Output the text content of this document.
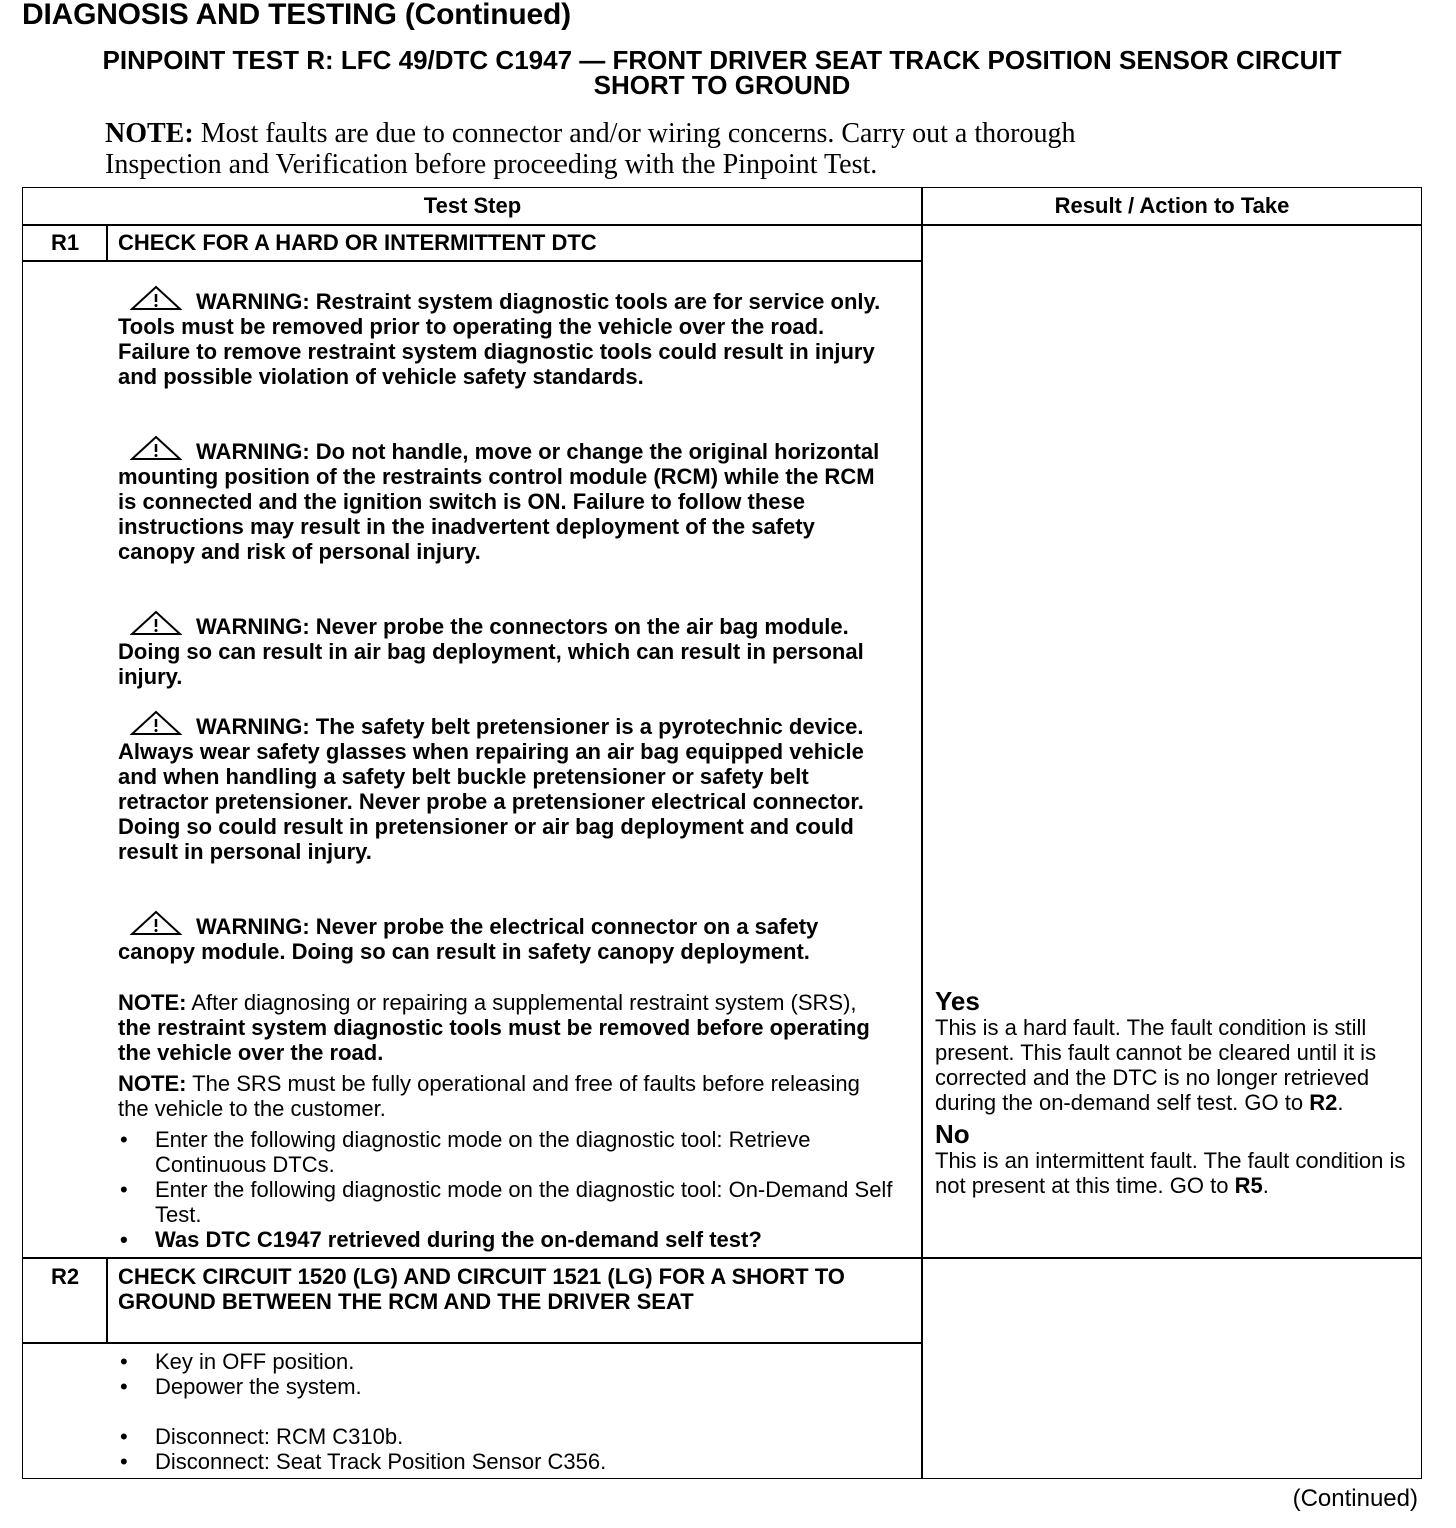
DIAGNOSIS AND TESTING (Continued)
PINPOINT TEST R: LFC 49/DTC C1947 — FRONT DRIVER SEAT TRACK POSITION SENSOR CIRCUIT
SHORT TO GROUND
NOTE: Most faults are due to connector and/or wiring concerns. Carry out a thorough
Inspection and Verification before proceeding with the Pinpoint Test.
Test Step	Result / Action to Take
R1	CHECK FOR A HARD OR INTERMITTENT DTC
WARNING: Restraint system diagnostic tools are for service only. Tools must be removed prior to operating the vehicle over the road. Failure to remove restraint system diagnostic tools could result in injury and possible violation of vehicle safety standards.
WARNING: Do not handle, move or change the original horizontal mounting position of the restraints control module (RCM) while the RCM is connected and the ignition switch is ON. Failure to follow these instructions may result in the inadvertent deployment of the safety canopy and risk of personal injury.
WARNING: Never probe the connectors on the air bag module. Doing so can result in air bag deployment, which can result in personal injury.
WARNING: The safety belt pretensioner is a pyrotechnic device. Always wear safety glasses when repairing an air bag equipped vehicle and when handling a safety belt buckle pretensioner or safety belt retractor pretensioner. Never probe a pretensioner electrical connector. Doing so could result in pretensioner or air bag deployment and could result in personal injury.
WARNING: Never probe the electrical connector on a safety canopy module. Doing so can result in safety canopy deployment.
NOTE: After diagnosing or repairing a supplemental restraint system (SRS), the restraint system diagnostic tools must be removed before operating the vehicle over the road.
NOTE: The SRS must be fully operational and free of faults before releasing the vehicle to the customer.
• Enter the following diagnostic mode on the diagnostic tool: Retrieve Continuous DTCs.
• Enter the following diagnostic mode on the diagnostic tool: On-Demand Self Test.
• Was DTC C1947 retrieved during the on-demand self test?
Yes
This is a hard fault. The fault condition is still present. This fault cannot be cleared until it is corrected and the DTC is no longer retrieved during the on-demand self test. GO to R2.
No
This is an intermittent fault. The fault condition is not present at this time. GO to R5.
R2	CHECK CIRCUIT 1520 (LG) AND CIRCUIT 1521 (LG) FOR A SHORT TO GROUND BETWEEN THE RCM AND THE DRIVER SEAT
• Key in OFF position.
• Depower the system.
• Disconnect: RCM C310b.
• Disconnect: Seat Track Position Sensor C356.
(Continued)
